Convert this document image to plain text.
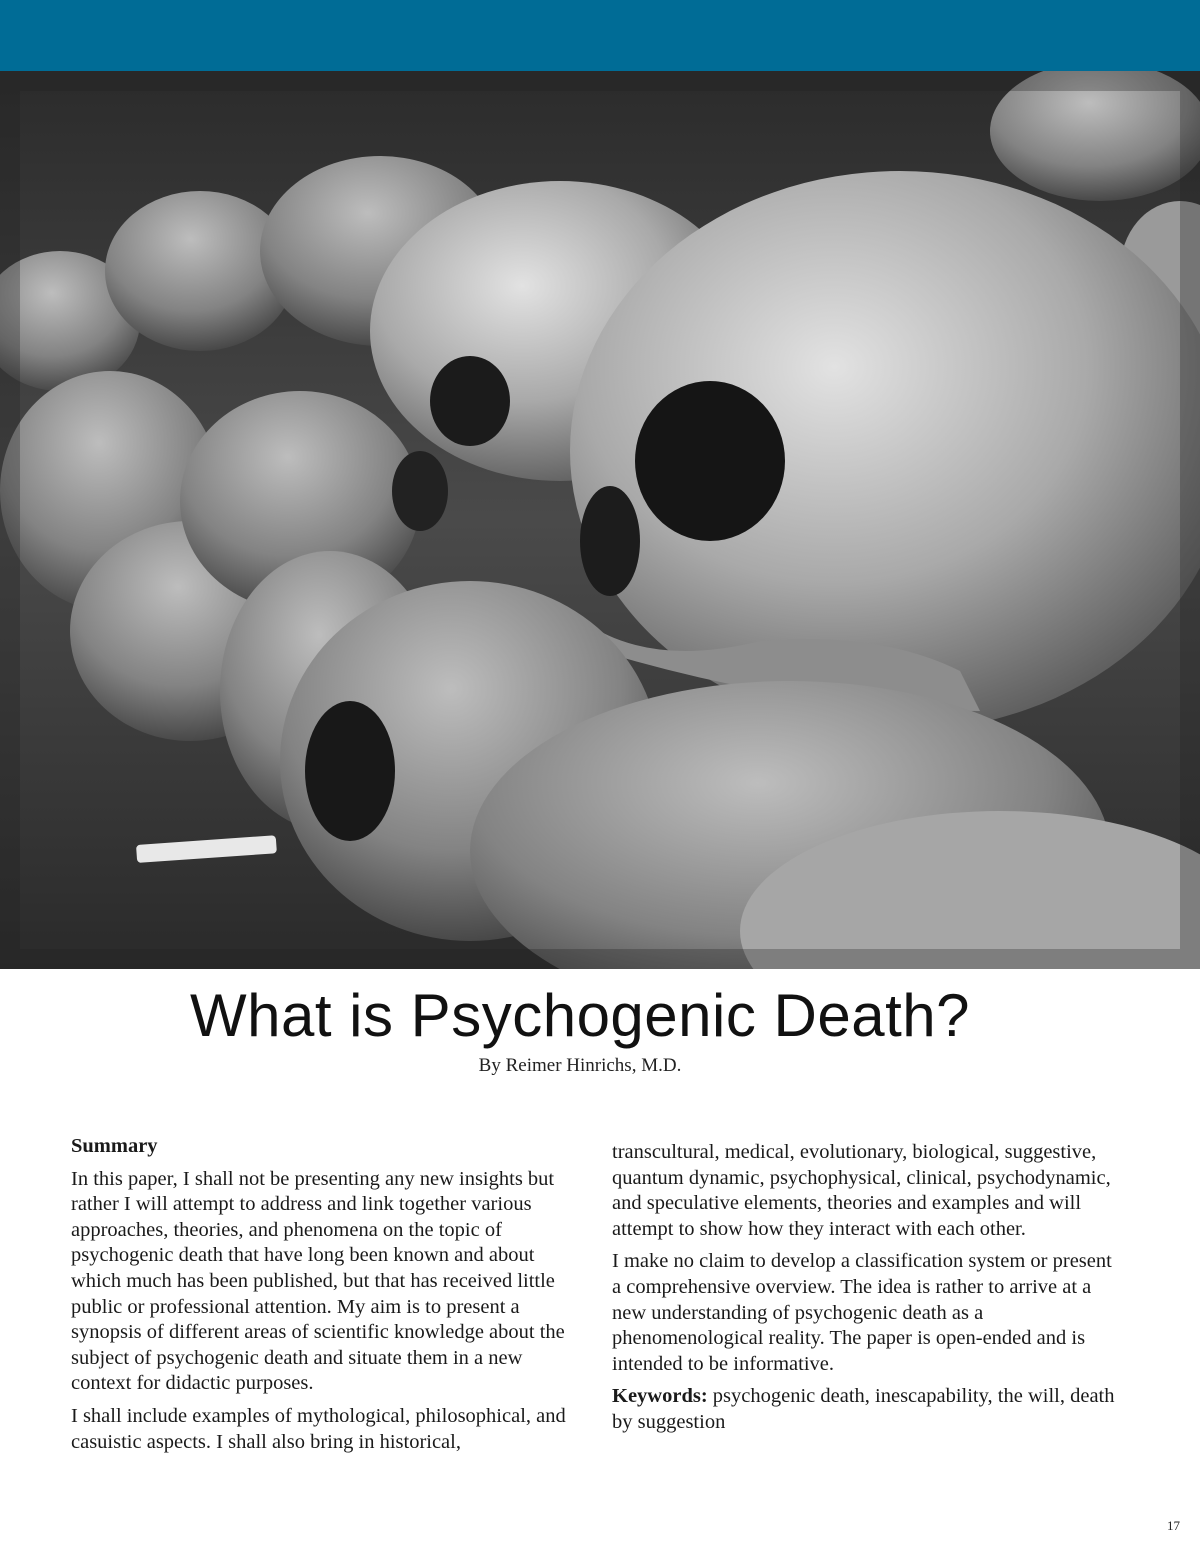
What is Psychogenic Death?
By Reimer Hinrichs, M.D.

Summary

In this paper, I shall not be presenting any new insights but rather I will attempt to address and link together various approaches, theories, and phenomena on the topic of psychogenic death that have long been known and about which much has been published, but that has received little public or professional attention. My aim is to present a synopsis of different areas of scientific knowledge about the subject of psychogenic death and situate them in a new context for didactic purposes.

I shall include examples of mythological, philosophical, and casuistic aspects. I shall also bring in historical,

transcultural, medical, evolutionary, biological, suggestive, quantum dynamic, psychophysical, clinical, psychodynamic, and speculative elements, theories and examples and will attempt to show how they interact with each other.

I make no claim to develop a classification system or present a comprehensive overview. The idea is rather to arrive at a new understanding of psychogenic death as a phenomenological reality. The paper is open-ended and is intended to be informative.

Keywords: psychogenic death, inescapability, the will, death by suggestion

17
